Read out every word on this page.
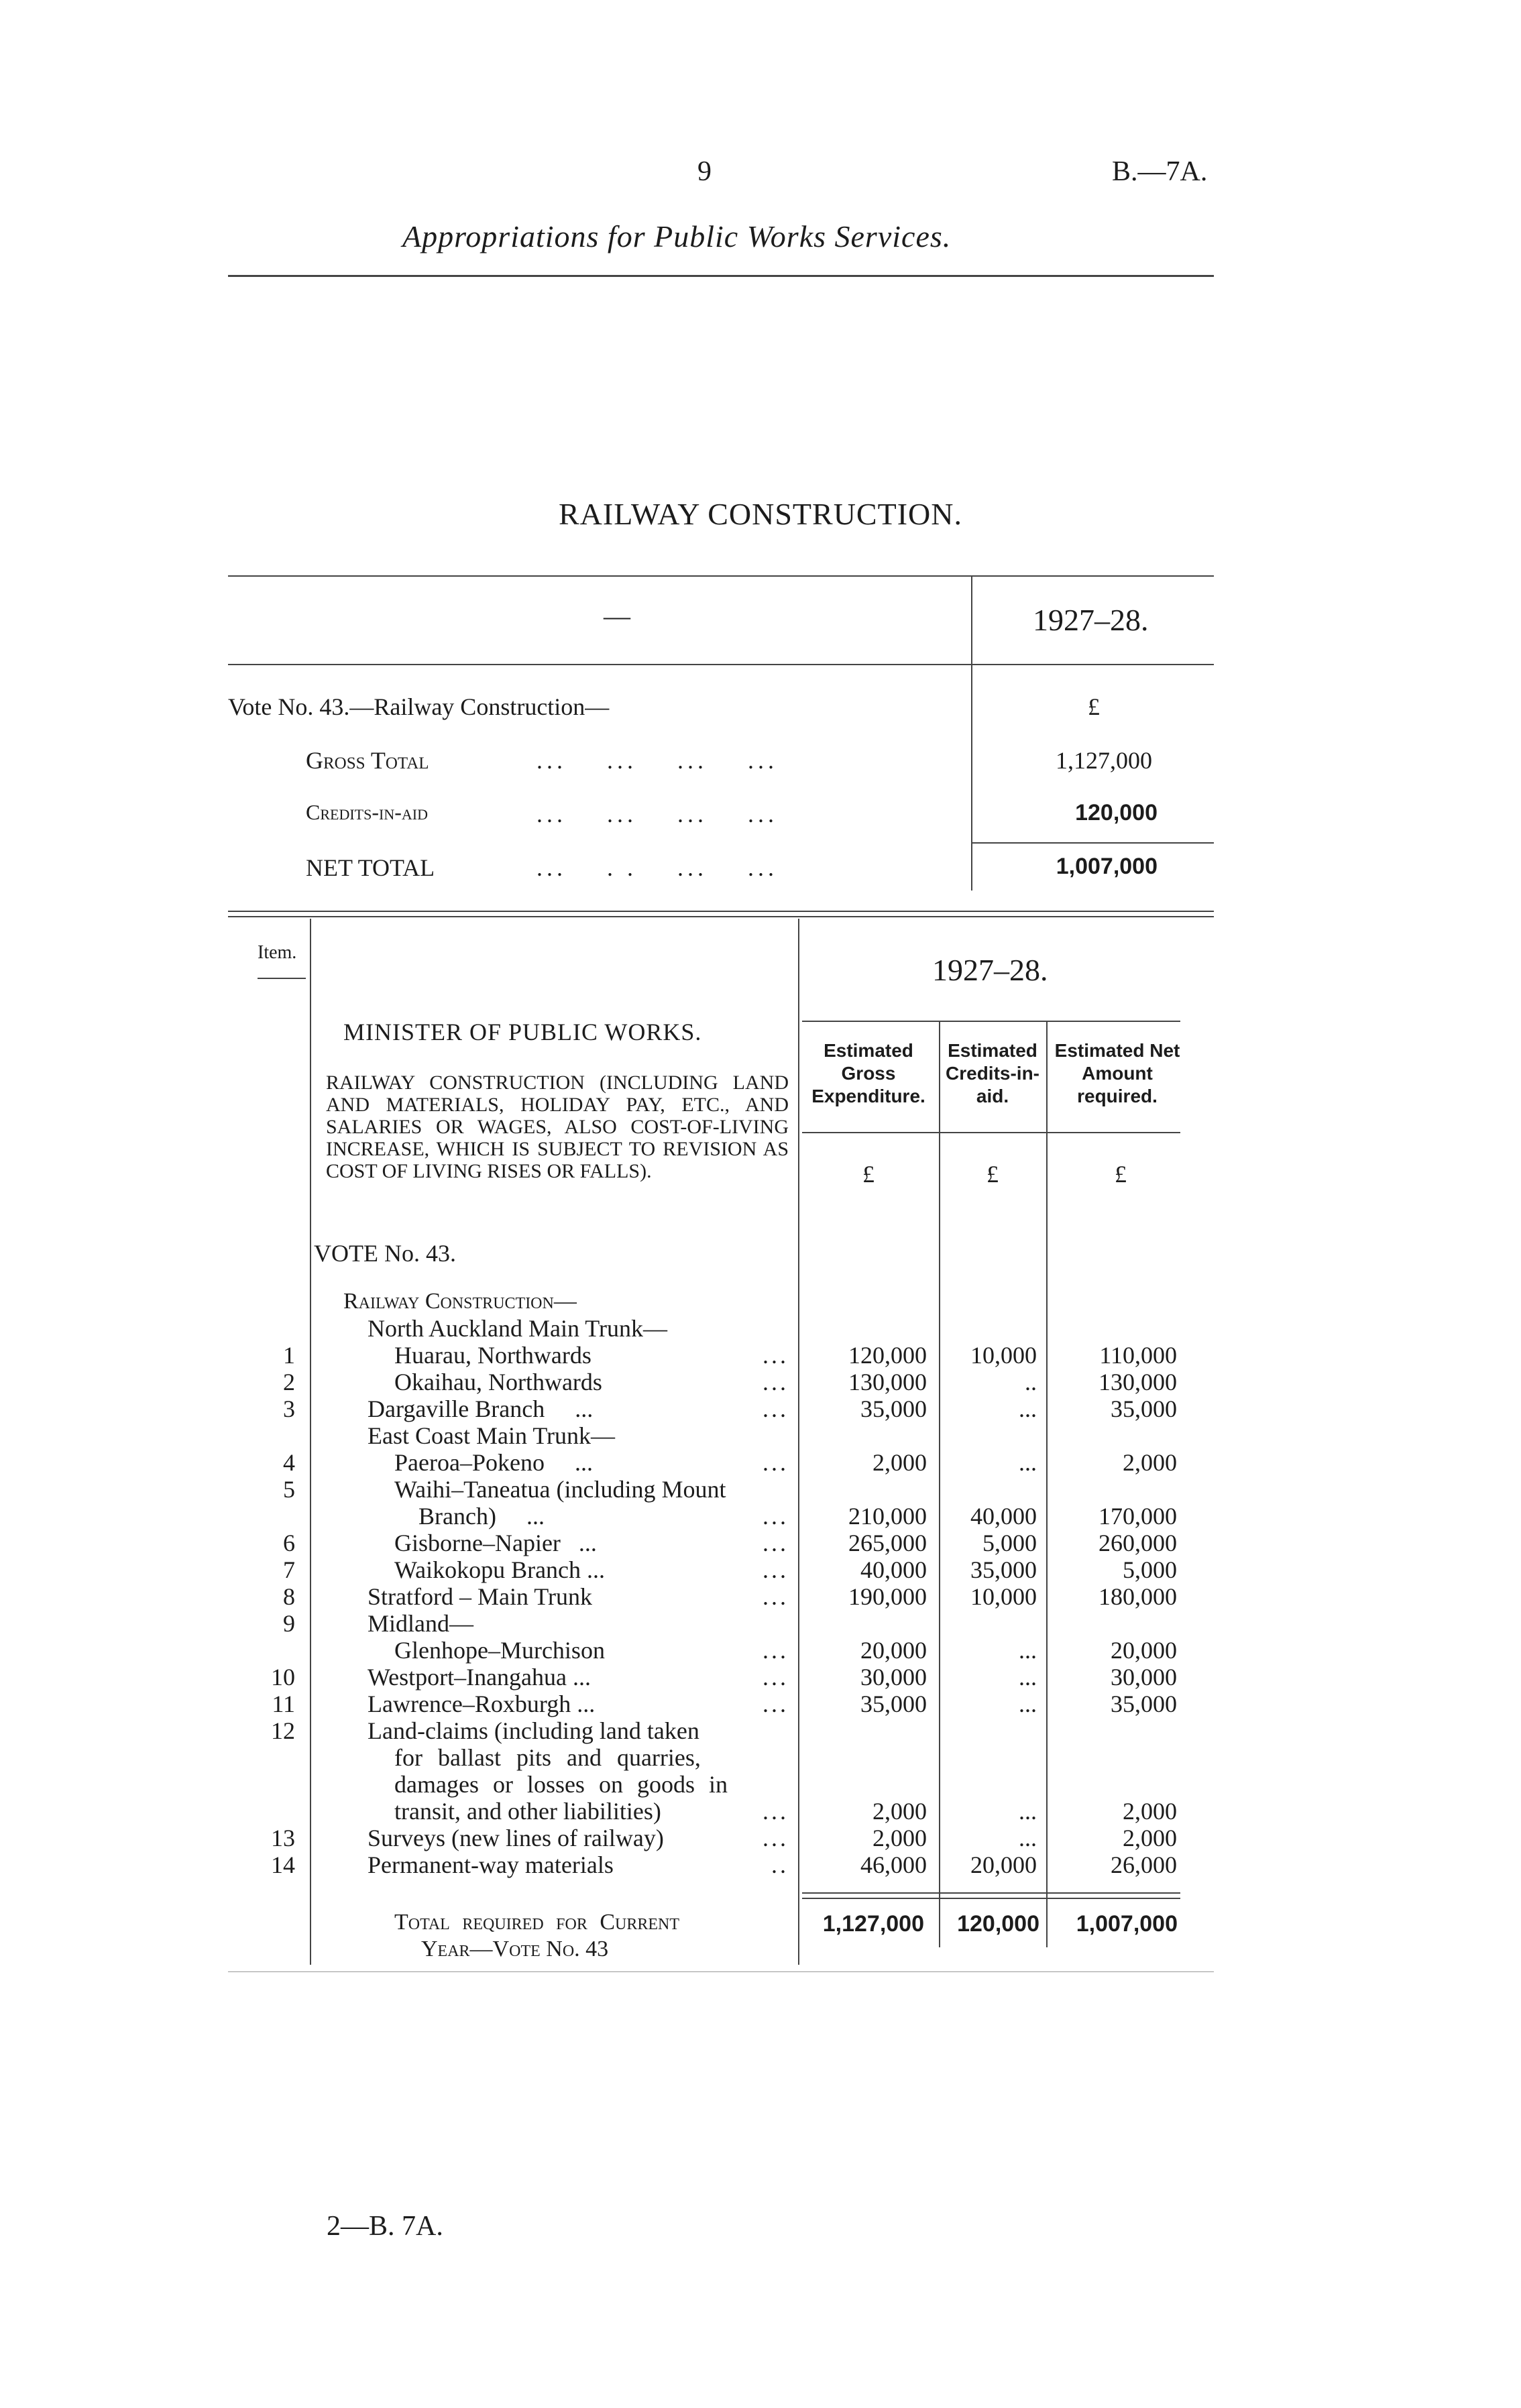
9	B.—7A.
Appropriations for Public Works Services.
RAILWAY CONSTRUCTION.
—	1927–28.
Vote No. 43.—Railway Construction—	£
Gross Total	...    ...    ...    ...	1,127,000
Credits-in-aid	...    ...    ...    ...	120,000
NET TOTAL	...    . .    ...    ...	1,007,000
Item.
1927–28.
MINISTER OF PUBLIC WORKS.
RAILWAY CONSTRUCTION (INCLUDING LAND AND MATERIALS, HOLIDAY PAY, ETC., AND SALARIES OR WAGES, ALSO COST-OF-LIVING INCREASE, WHICH IS SUBJECT TO REVISION AS COST OF LIVING RISES OR FALLS).
Estimated Gross Expenditure.
Estimated Credits-in-aid.
Estimated Net Amount required.
£	£	£
VOTE No. 43.
Railway Construction—
North Auckland Main Trunk—
1	Huarau, Northwards	...	120,000	10,000	110,000
2	Okaihau, Northwards	...	130,000	..	130,000
3	Dargaville Branch     ...	...	35,000	...	35,000
East Coast Main Trunk—
4	Paeroa–Pokeno     ...	...	2,000	...	2,000
5	Waihi–Taneatua (including Mount
Branch)     ...	...	210,000	40,000	170,000
6	Gisborne–Napier   ...	...	265,000	5,000	260,000
7	Waikokopu Branch ...	...	40,000	35,000	5,000
8	Stratford – Main Trunk	...	190,000	10,000	180,000
9	Midland—
Glenhope–Murchison	...	20,000	...	20,000
10	Westport–Inangahua ...	...	30,000	...	30,000
11	Lawrence–Roxburgh ...	...	35,000	...	35,000
12	Land-claims (including land taken
for ballast pits and quarries,
damages or losses on goods in
transit, and other liabilities)	...	2,000	...	2,000
13	Surveys (new lines of railway)	...	2,000	...	2,000
14	Permanent-way materials	..	46,000	20,000	26,000
Total required for Current
Year—Vote No. 43
1,127,000	120,000	1,007,000
2—B. 7A.
